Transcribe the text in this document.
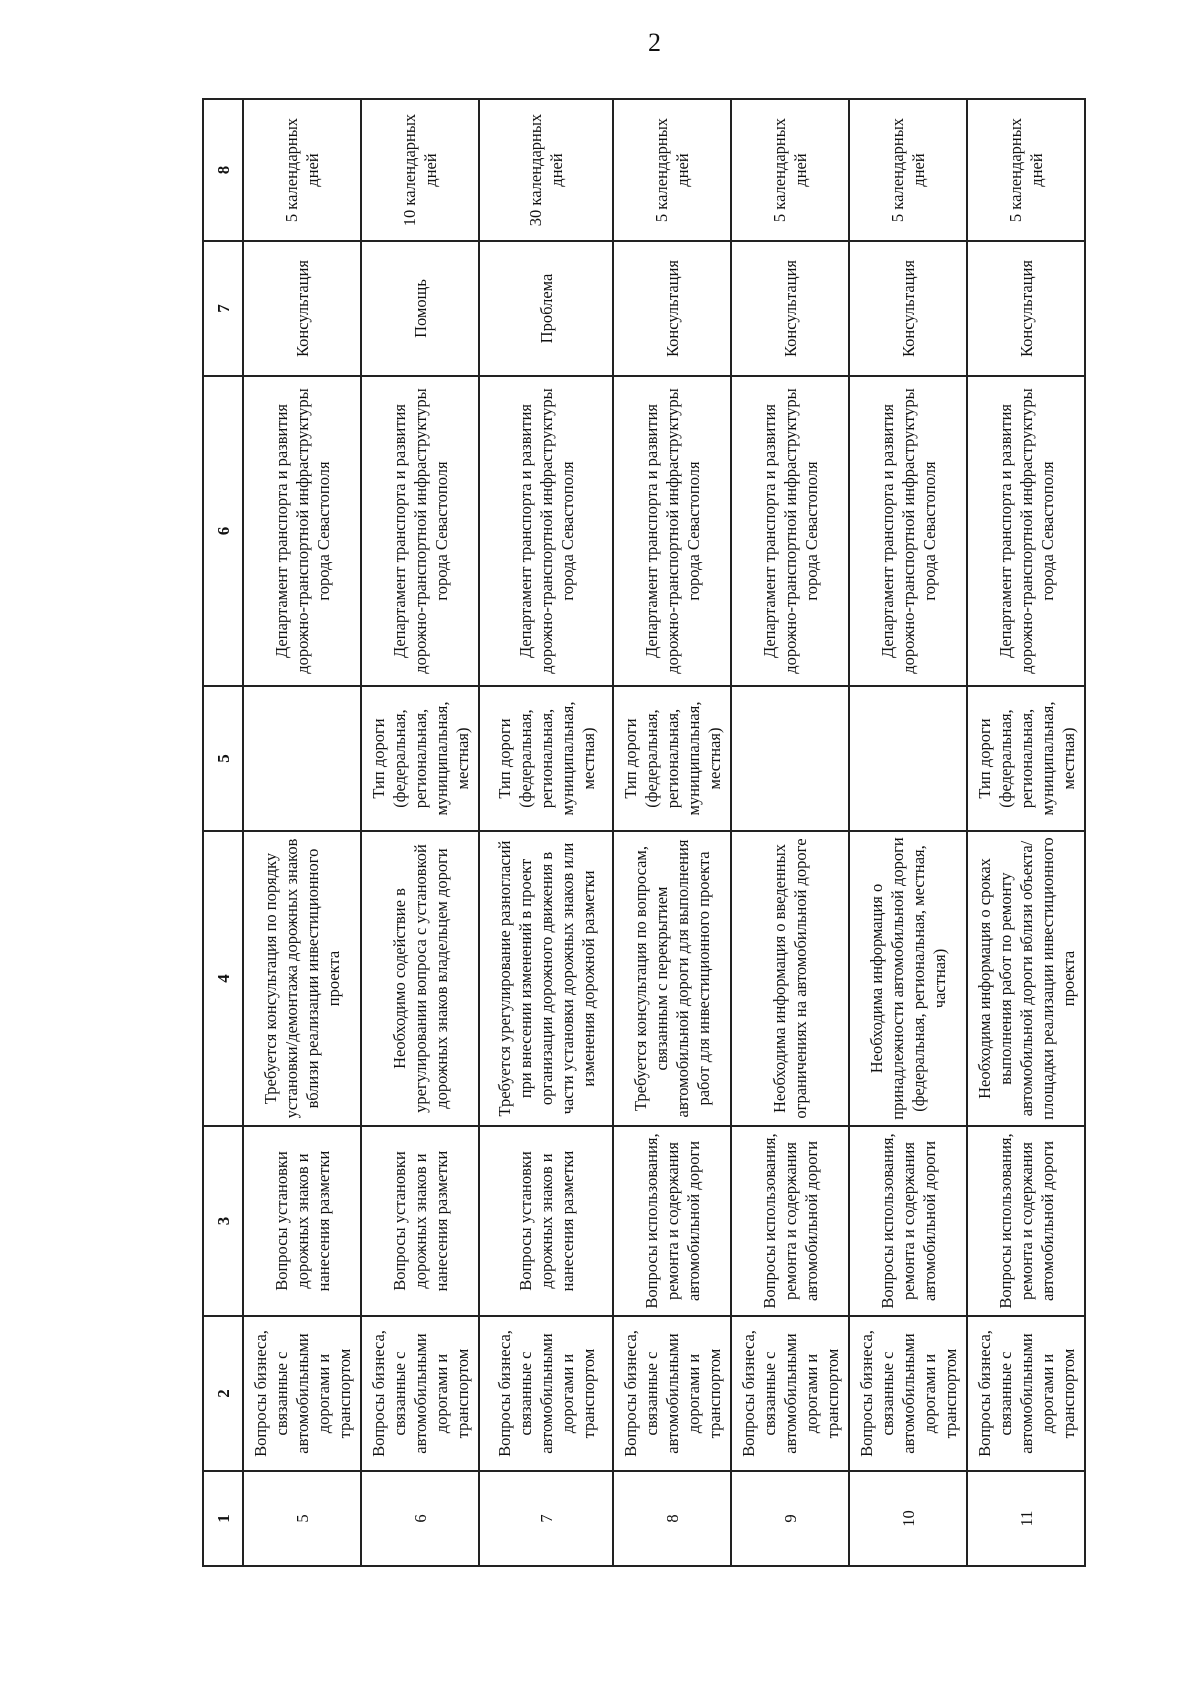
2
1	2	3	4	5	6	7	8
5	Вопросы бизнеса, связанные с автомобильными дорогами и транспортом	Вопросы установки дорожных знаков и нанесения разметки	Требуется консультация по порядку установки/демонтажа дорожных знаков вблизи реализации инвестиционного проекта		Департамент транспорта и развития дорожно-транспортной инфраструктуры города Севастополя	Консультация	5 календарных дней
6	Вопросы бизнеса, связанные с автомобильными дорогами и транспортом	Вопросы установки дорожных знаков и нанесения разметки	Необходимо содействие в урегулировании вопроса с установкой дорожных знаков владельцем дороги	Тип дороги (федеральная, региональная, муниципальная, местная)	Департамент транспорта и развития дорожно-транспортной инфраструктуры города Севастополя	Помощь	10 календарных дней
7	Вопросы бизнеса, связанные с автомобильными дорогами и транспортом	Вопросы установки дорожных знаков и нанесения разметки	Требуется урегулирование разногласий при внесении изменений в проект организации дорожного движения в части установки дорожных знаков или изменения дорожной разметки	Тип дороги (федеральная, региональная, муниципальная, местная)	Департамент транспорта и развития дорожно-транспортной инфраструктуры города Севастополя	Проблема	30 календарных дней
8	Вопросы бизнеса, связанные с автомобильными дорогами и транспортом	Вопросы использования, ремонта и содержания автомобильной дороги	Требуется консультация по вопросам, связанным с перекрытием автомобильной дороги для выполнения работ для инвестиционного проекта	Тип дороги (федеральная, региональная, муниципальная, местная)	Департамент транспорта и развития дорожно-транспортной инфраструктуры города Севастополя	Консультация	5 календарных дней
9	Вопросы бизнеса, связанные с автомобильными дорогами и транспортом	Вопросы использования, ремонта и содержания автомобильной дороги	Необходима информация о введенных ограничениях на автомобильной дороге		Департамент транспорта и развития дорожно-транспортной инфраструктуры города Севастополя	Консультация	5 календарных дней
10	Вопросы бизнеса, связанные с автомобильными дорогами и транспортом	Вопросы использования, ремонта и содержания автомобильной дороги	Необходима информация о принадлежности автомобильной дороги (федеральная, региональная, местная, частная)		Департамент транспорта и развития дорожно-транспортной инфраструктуры города Севастополя	Консультация	5 календарных дней
11	Вопросы бизнеса, связанные с автомобильными дорогами и транспортом	Вопросы использования, ремонта и содержания автомобильной дороги	Необходима информация о сроках выполнения работ по ремонту автомобильной дороги вблизи объекта/площадки реализации инвестиционного проекта	Тип дороги (федеральная, региональная, муниципальная, местная)	Департамент транспорта и развития дорожно-транспортной инфраструктуры города Севастополя	Консультация	5 календарных дней
